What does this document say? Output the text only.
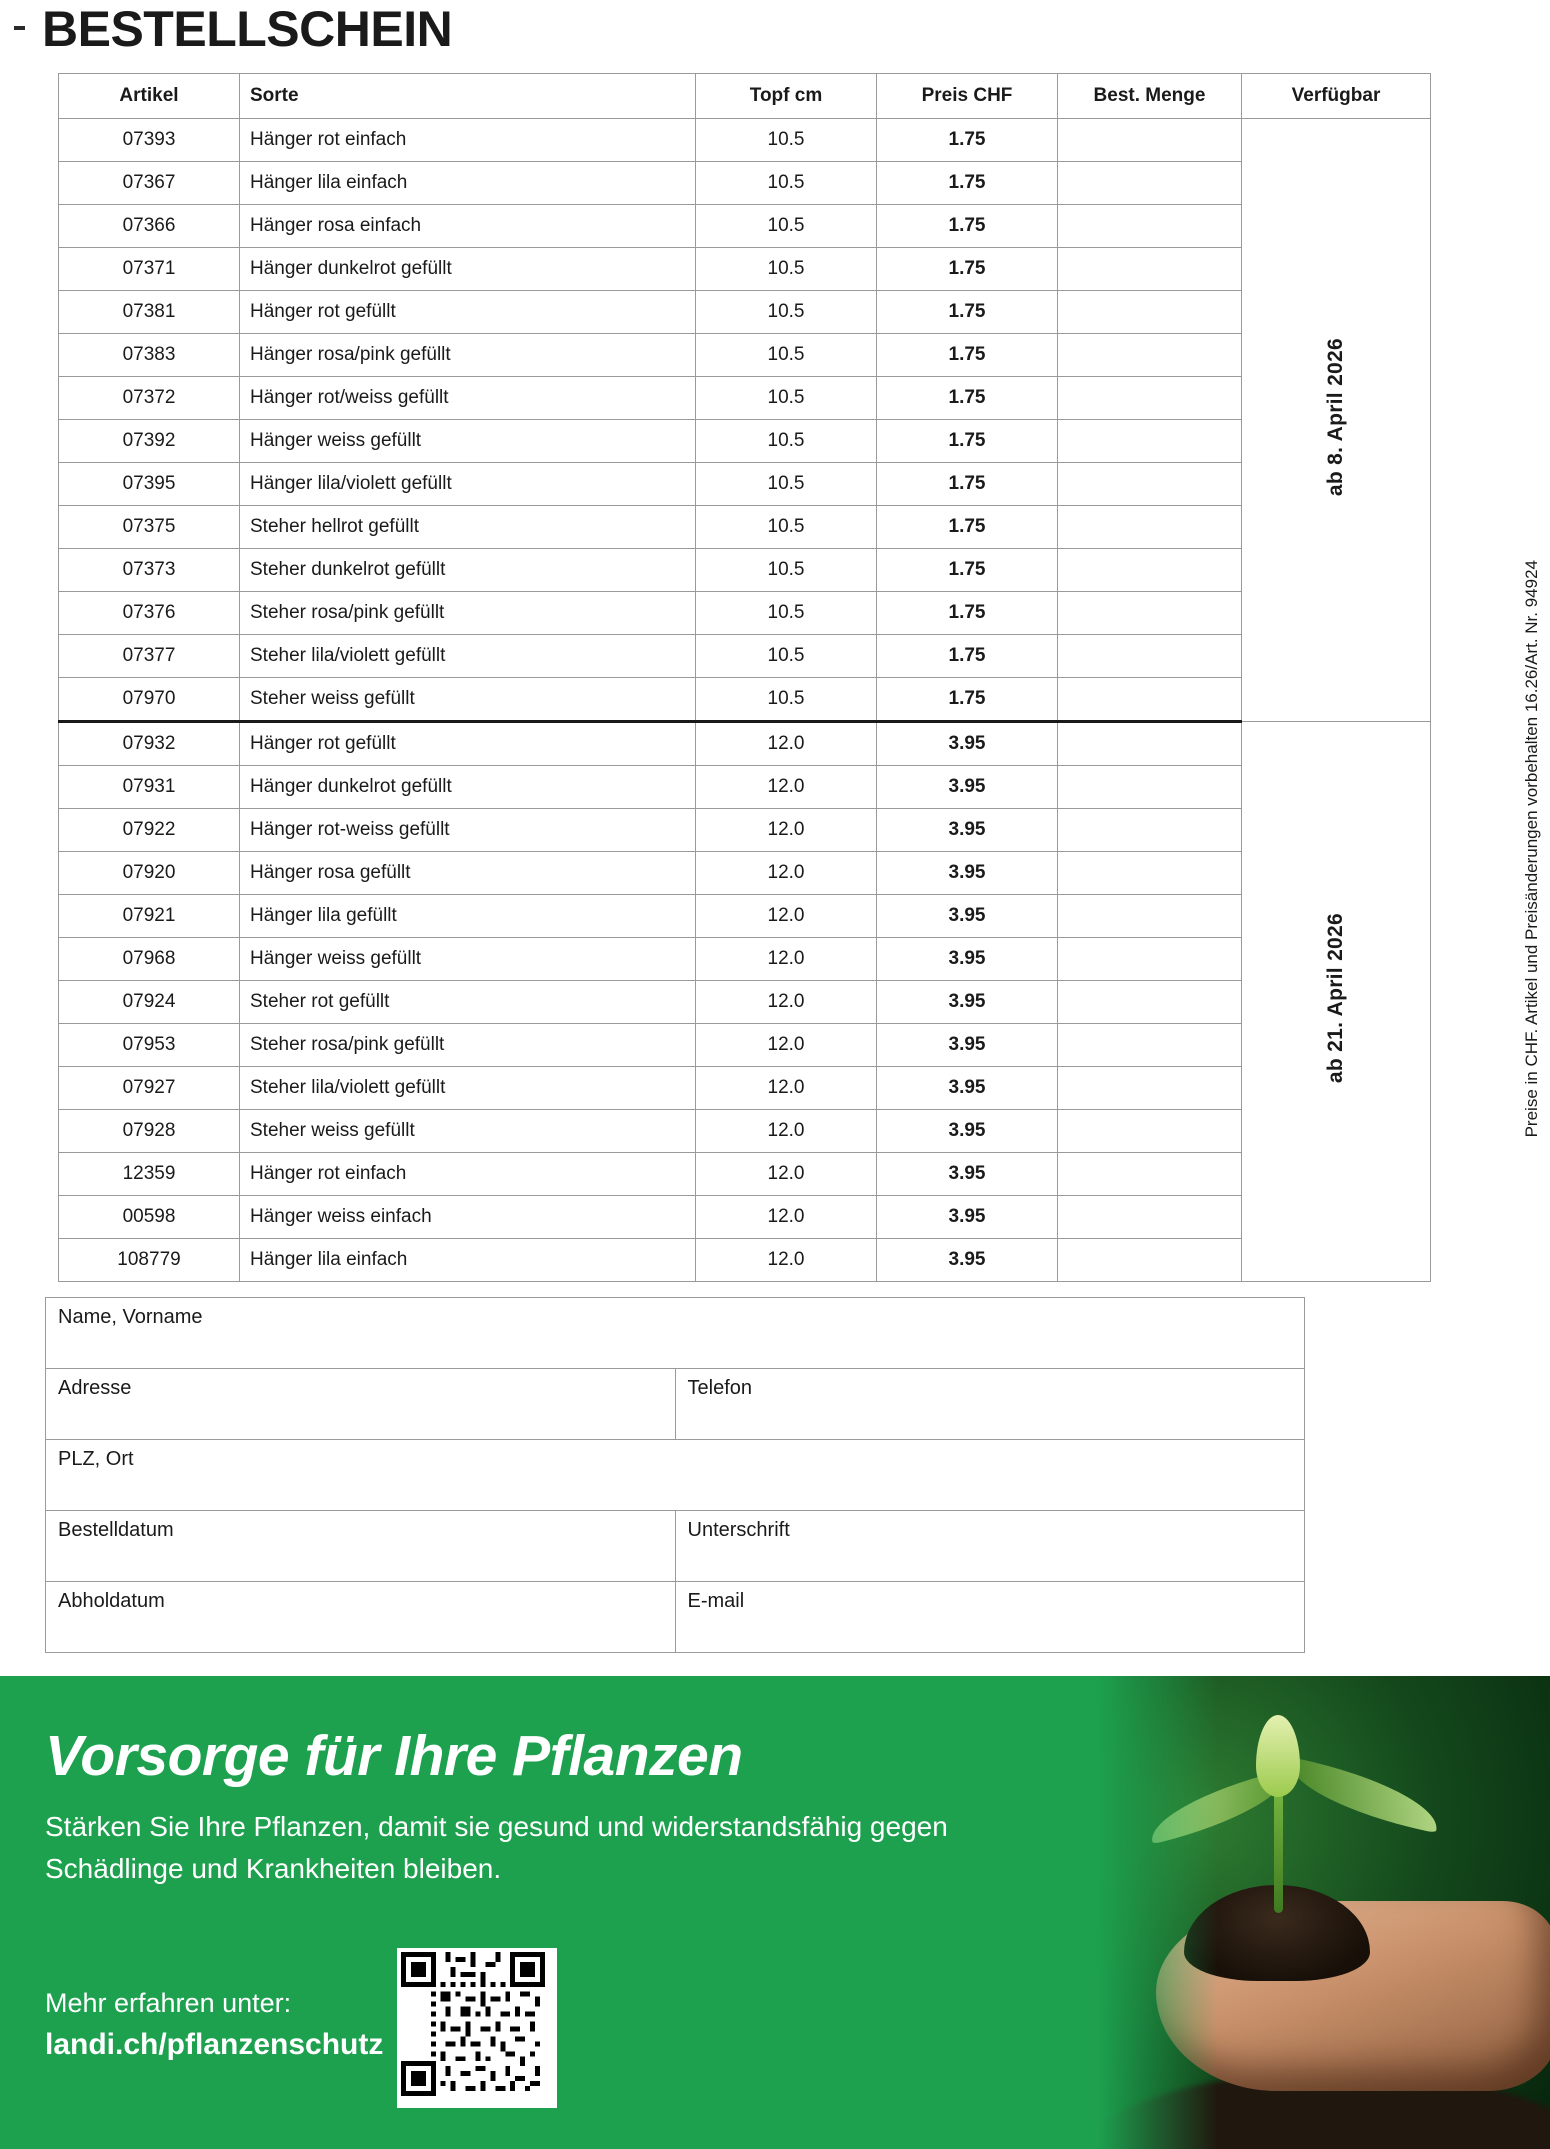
BESTELLSCHEIN
Artikel	Sorte	Topf cm	Preis CHF	Best. Menge	Verfügbar
07393	Hänger rot einfach	10.5	1.75		ab 8. April 2026
07367	Hänger lila einfach	10.5	1.75		
07366	Hänger rosa einfach	10.5	1.75		
07371	Hänger dunkelrot gefüllt	10.5	1.75		
07381	Hänger rot gefüllt	10.5	1.75		
07383	Hänger rosa/pink gefüllt	10.5	1.75		
07372	Hänger rot/weiss gefüllt	10.5	1.75		
07392	Hänger weiss gefüllt	10.5	1.75		
07395	Hänger lila/violett gefüllt	10.5	1.75		
07375	Steher hellrot gefüllt	10.5	1.75		
07373	Steher dunkelrot gefüllt	10.5	1.75		
07376	Steher rosa/pink gefüllt	10.5	1.75		
07377	Steher lila/violett gefüllt	10.5	1.75		
07970	Steher weiss gefüllt	10.5	1.75		
07932	Hänger rot gefüllt	12.0	3.95		ab 21. April 2026
07931	Hänger dunkelrot gefüllt	12.0	3.95		
07922	Hänger rot-weiss gefüllt	12.0	3.95		
07920	Hänger rosa gefüllt	12.0	3.95		
07921	Hänger lila gefüllt	12.0	3.95		
07968	Hänger weiss gefüllt	12.0	3.95		
07924	Steher rot gefüllt	12.0	3.95		
07953	Steher rosa/pink gefüllt	12.0	3.95		
07927	Steher lila/violett gefüllt	12.0	3.95		
07928	Steher weiss gefüllt	12.0	3.95		
12359	Hänger rot einfach	12.0	3.95		
00598	Hänger weiss einfach	12.0	3.95		
108779	Hänger lila einfach	12.0	3.95		
Preise in CHF. Artikel und Preisänderungen vorbehalten 16.26/Art. Nr. 94924
Name, Vorname	
Adresse	Telefon
PLZ, Ort	
Bestelldatum	Unterschrift
Abholdatum	E-mail
Vorsorge für Ihre Pflanzen
Stärken Sie Ihre Pflanzen, damit sie gesund und widerstandsfähig gegen Schädlinge und Krankheiten bleiben.
Mehr erfahren unter:
landi.ch/pflanzenschutz
